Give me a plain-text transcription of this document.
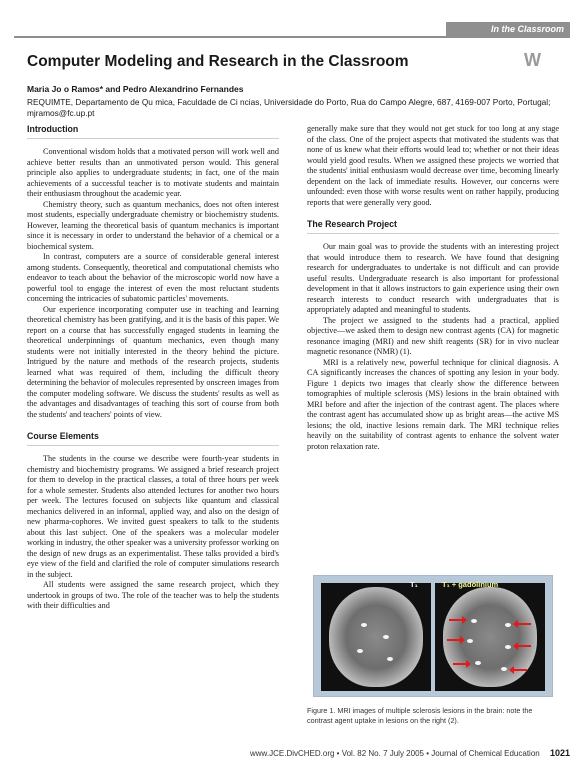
In the Classroom
Computer Modeling and Research in the Classroom	W
Maria Jo o Ramos* and Pedro Alexandrino Fernandes
REQUIMTE, Departamento de Qu mica, Faculdade de Ci ncias, Universidade do Porto, Rua do Campo Alegre, 687, 4169-007 Porto, Portugal; mjramos@fc.up.pt
Introduction

Conventional wisdom holds that a motivated person will work well and achieve better results than an unmotivated person would. This general principle also applies to undergraduate students; in fact, one of the main achievements of a successful teacher is to motivate students and maintain their enthusiasm throughout the academic year.

Chemistry theory, such as quantum mechanics, does not often interest most students, especially undergraduate chemistry or biochemistry students. However, learning the theoretical basis of quantum mechanics is important since it is necessary in order to understand the behavior of a chemical or a biochemical system.

In contrast, computers are a source of considerable general interest among students. Consequently, theoretical and computational chemists who endeavor to teach about the behavior of the microscopic world now have a powerful tool to engage the interest of even the most reluctant students concerning the intricacies of subatomic particles' movements.

Our experience incorporating computer use in teaching and learning theoretical chemistry has been gratifying, and it is the basis of this paper. We report on a course that has successfully engaged students in learning the theoretical underpinnings of quantum mechanics, even though many students were not initially interested in the theory behind the picture. Intrigued by the nature and methods of the research projects, students learned what was required of them, including the difficult theory determining the behavior of molecules represented by onscreen images from the computer modeling software. We discuss the students' results as well as the advantages and disadvantages of teaching this sort of course from both the students' and teachers' points of view.

Course Elements

The students in the course we describe were fourth-year students in chemistry and biochemistry programs. We assigned a brief research project for them to develop in the practical classes, a total of three hours per week for a whole semester. Students also attended lectures for another two hours per week. The lectures focused on subjects like quantum and classical mechanics delivered in an informal, applied way, and also on the design of new pharma-cophores. We invited guest speakers to talk to the students about this last subject. One of the speakers was a molecular modeler working in industry, the other speaker was a university professor working on the design of new drugs as an experimentalist. These talks provided a bird's eye view of the field and clarified the role of computer simulations research in the subject.

All students were assigned the same research project, which they undertook in groups of two. The role of the teacher was to help the students with their difficulties and

generally make sure that they would not get stuck for too long at any stage of the class. One of the project aspects that motivated the students was that none of us knew what their efforts would lead to; whether or not their ideas would yield good results. When we assigned these projects we worried that the students' initial enthusiasm would decrease over time, becoming linearly dependent on the lack of immediate results. However, our concerns were unfounded: even those with worse results went on rather happily, producing reports that were generally very good.

The Research Project

Our main goal was to provide the students with an interesting project that would introduce them to research. We have found that designing research for undergraduates to undertake is not difficult and can provide useful results. Undergraduate research is also important for professional development in that it allows instructors to gain experience using their own research interests to conduct research with undergraduates that is appropriately adapted and meaningful to students.

The project we assigned to the students had a practical, applied objective—we asked them to design new contrast agents (CA) for magnetic resonance imaging (MRI) and new shift reagents (SR) for in vivo nuclear magnetic resonance (NMR) (1).

MRI is a relatively new, powerful technique for clinical diagnosis. A CA significantly increases the chances of spotting any lesion in your body. Figure 1 depicts two images that clearly show the difference between tomographies of multiple sclerosis (MS) lesions in the brain obtained with MRI before and after the injection of the contrast agent. The places where the contrast agent has accumulated show up as bright areas—the active MS lesions; the old, inactive lesions remain dark. The MRI technique relies heavily on the suitability of contrast agents to enhance the solvent water proton relaxation rate.

T₁	T₁ + gadolinium
Figure 1. MRI images of multiple sclerosis lesions in the brain: note the contrast agent uptake in lesions on the right (2).
www.JCE.DivCHED.org • Vol. 82 No. 7 July 2005 • Journal of Chemical Education 1021
